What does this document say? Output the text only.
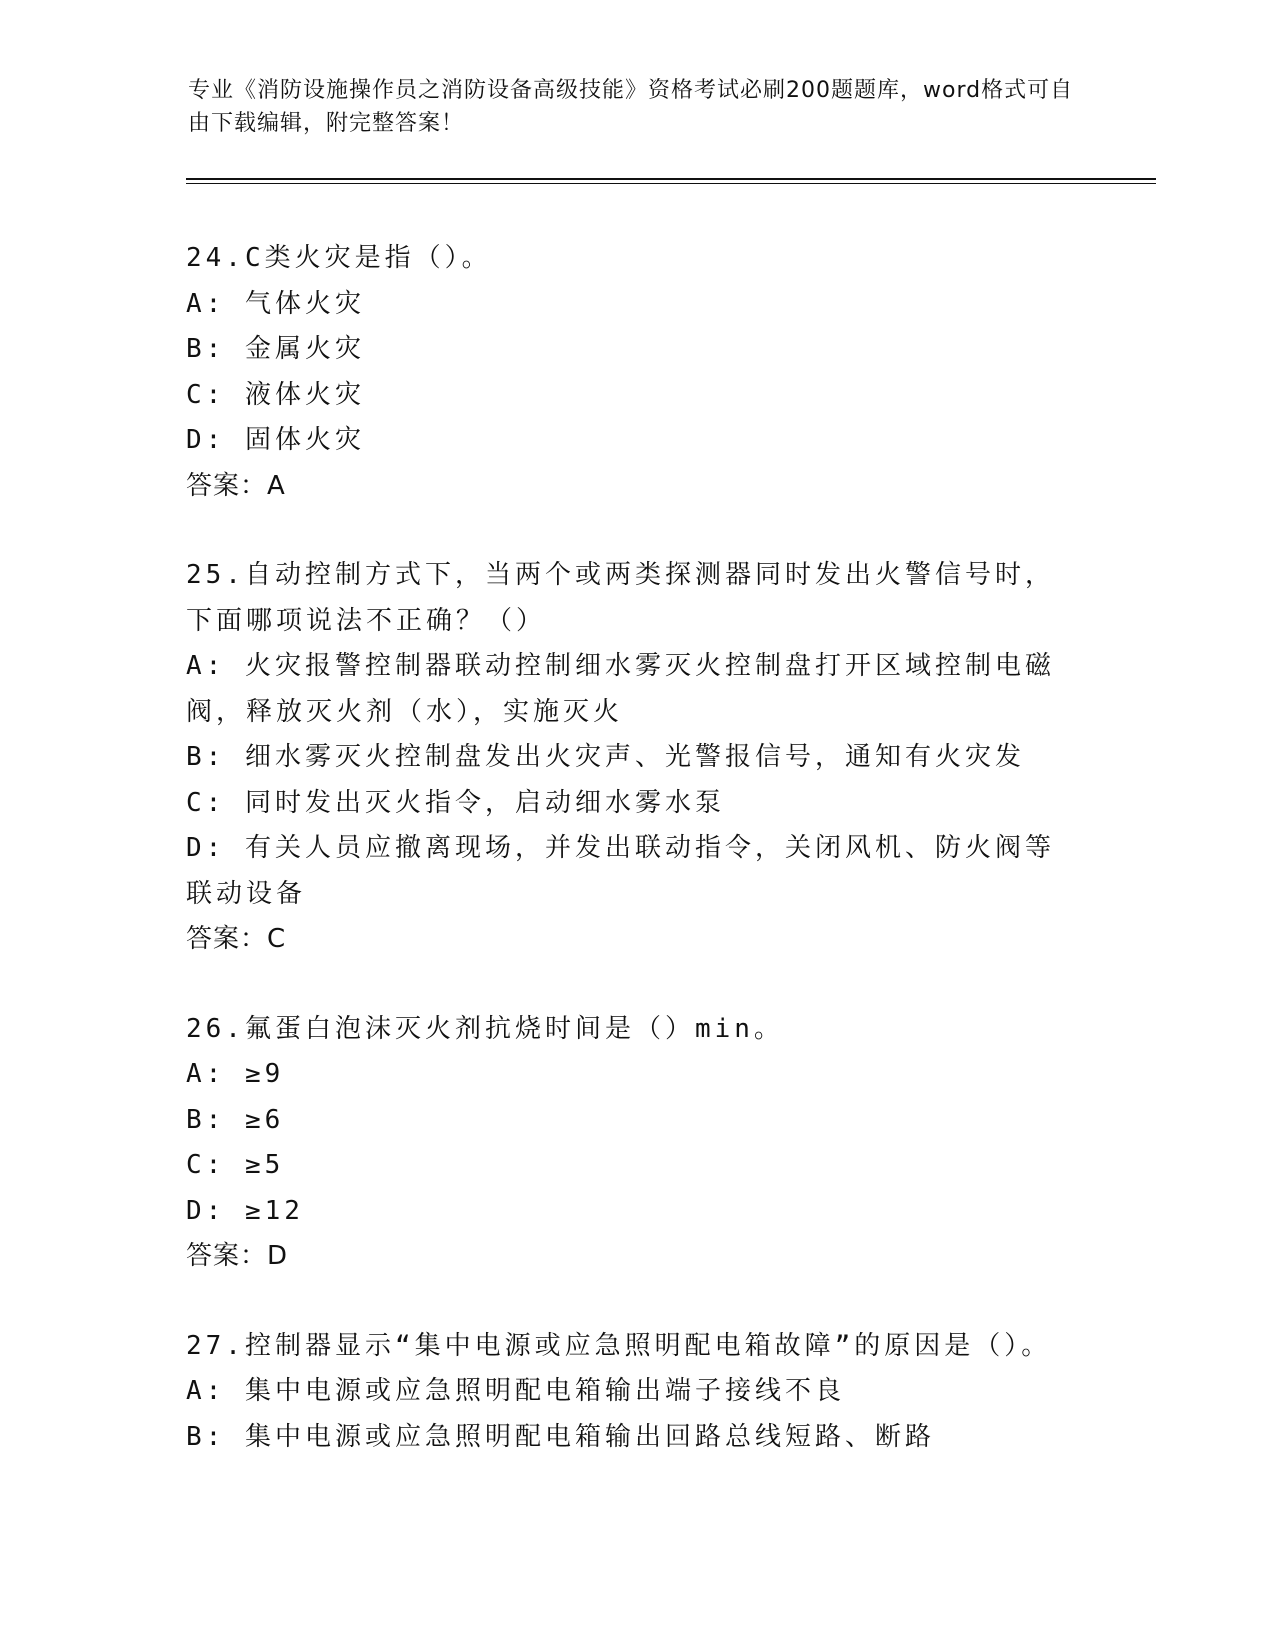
专业《消防设施操作员之消防设备高级技能》资格考试必刷200题题库，word格式可自由下载编辑，附完整答案！

24.C类火灾是指（）。

A: 气体火灾

B: 金属火灾

C: 液体火灾

D: 固体火灾

答案：A

25.自动控制方式下，当两个或两类探测器同时发出火警信号时，下面哪项说法不正确？（）

A: 火灾报警控制器联动控制细水雾灭火控制盘打开区域控制电磁阀，释放灭火剂（水），实施灭火

B: 细水雾灭火控制盘发出火灾声、光警报信号，通知有火灾发

C: 同时发出灭火指令，启动细水雾水泵

D: 有关人员应撤离现场，并发出联动指令，关闭风机、防火阀等联动设备

答案：C

26.氟蛋白泡沫灭火剂抗烧时间是（）min。

A: ≥9

B: ≥6

C: ≥5

D: ≥12

答案：D

27.控制器显示“集中电源或应急照明配电箱故障”的原因是（）。

A: 集中电源或应急照明配电箱输出端子接线不良

B: 集中电源或应急照明配电箱输出回路总线短路、断路
